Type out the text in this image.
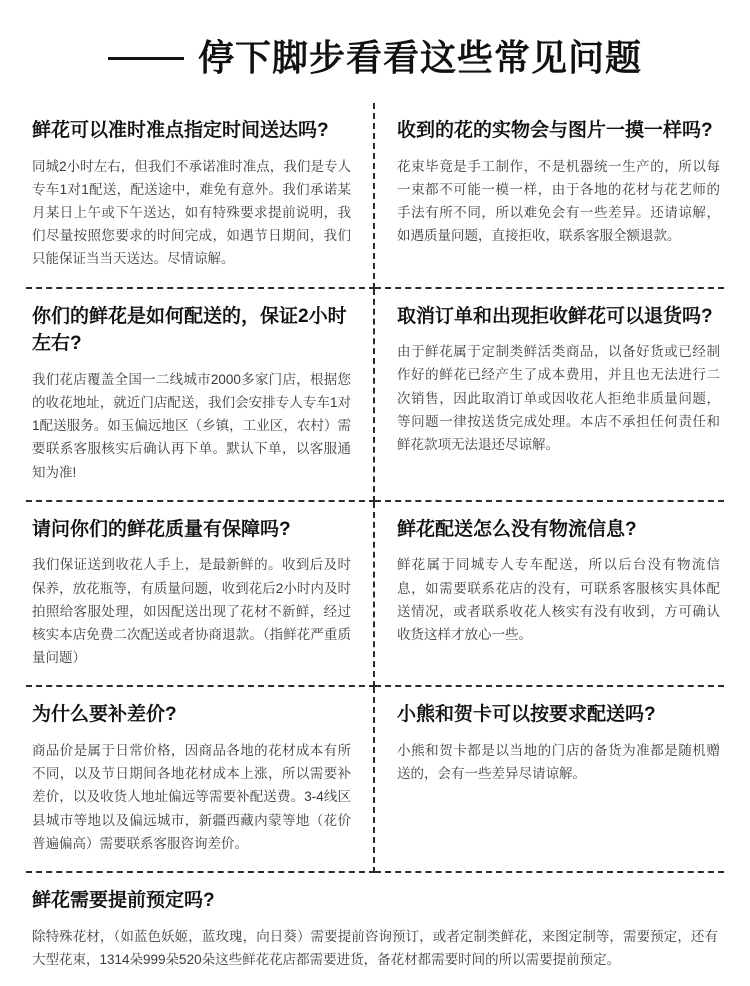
停下脚步看看这些常见问题

鲜花可以准时准点指定时间送达吗?

同城2小时左右，但我们不承诺准时准点，我们是专人专车1对1配送，配送途中，难免有意外。我们承诺某月某日上午或下午送达，如有特殊要求提前说明，我们尽量按照您要求的时间完成，如遇节日期间，我们只能保证当当天送达。尽情谅解。

收到的花的实物会与图片一摸一样吗?

花束毕竟是手工制作，不是机器统一生产的，所以每一束都不可能一模一样，由于各地的花材与花艺师的手法有所不同，所以难免会有一些差异。还请谅解，如遇质量问题，直接拒收，联系客服全额退款。

你们的鲜花是如何配送的，保证2小时左右?

我们花店覆盖全国一二线城市2000多家门店，根据您的收花地址，就近门店配送，我们会安排专人专车1对1配送服务。如玉偏远地区（乡镇，工业区，农村）需要联系客服核实后确认再下单。默认下单，以客服通知为准!

取消订单和出现拒收鲜花可以退货吗?

由于鲜花属于定制类鲜活类商品，以备好货或已经制作好的鲜花已经产生了成本费用，并且也无法进行二次销售，因此取消订单或因收花人拒绝非质量问题，等问题一律按送货完成处理。本店不承担任何责任和鲜花款项无法退还尽谅解。

请问你们的鲜花质量有保障吗?

我们保证送到收花人手上，是最新鲜的。收到后及时保养，放花瓶等，有质量问题，收到花后2小时内及时拍照给客服处理，如因配送出现了花材不新鲜，经过核实本店免费二次配送或者协商退款。（指鲜花严重质量问题）

鲜花配送怎么没有物流信息?

鲜花属于同城专人专车配送，所以后台没有物流信息，如需要联系花店的没有，可联系客服核实具体配送情况，或者联系收花人核实有没有收到，方可确认收货这样才放心一些。

为什么要补差价?

商品价是属于日常价格，因商品各地的花材成本有所不同，以及节日期间各地花材成本上涨，所以需要补差价，以及收货人地址偏远等需要补配送费。3-4线区县城市等地以及偏远城市，新疆西藏内蒙等地（花价普遍偏高）需要联系客服咨询差价。

小熊和贺卡可以按要求配送吗?

小熊和贺卡都是以当地的门店的备货为准都是随机赠送的，会有一些差异尽请谅解。

鲜花需要提前预定吗?

除特殊花材，（如蓝色妖姬，蓝玫瑰，向日葵）需要提前咨询预订，或者定制类鲜花，来图定制等，需要预定，还有大型花束，1314朵999朵520朵这些鲜花花店都需要进货，备花材都需要时间的所以需要提前预定。
